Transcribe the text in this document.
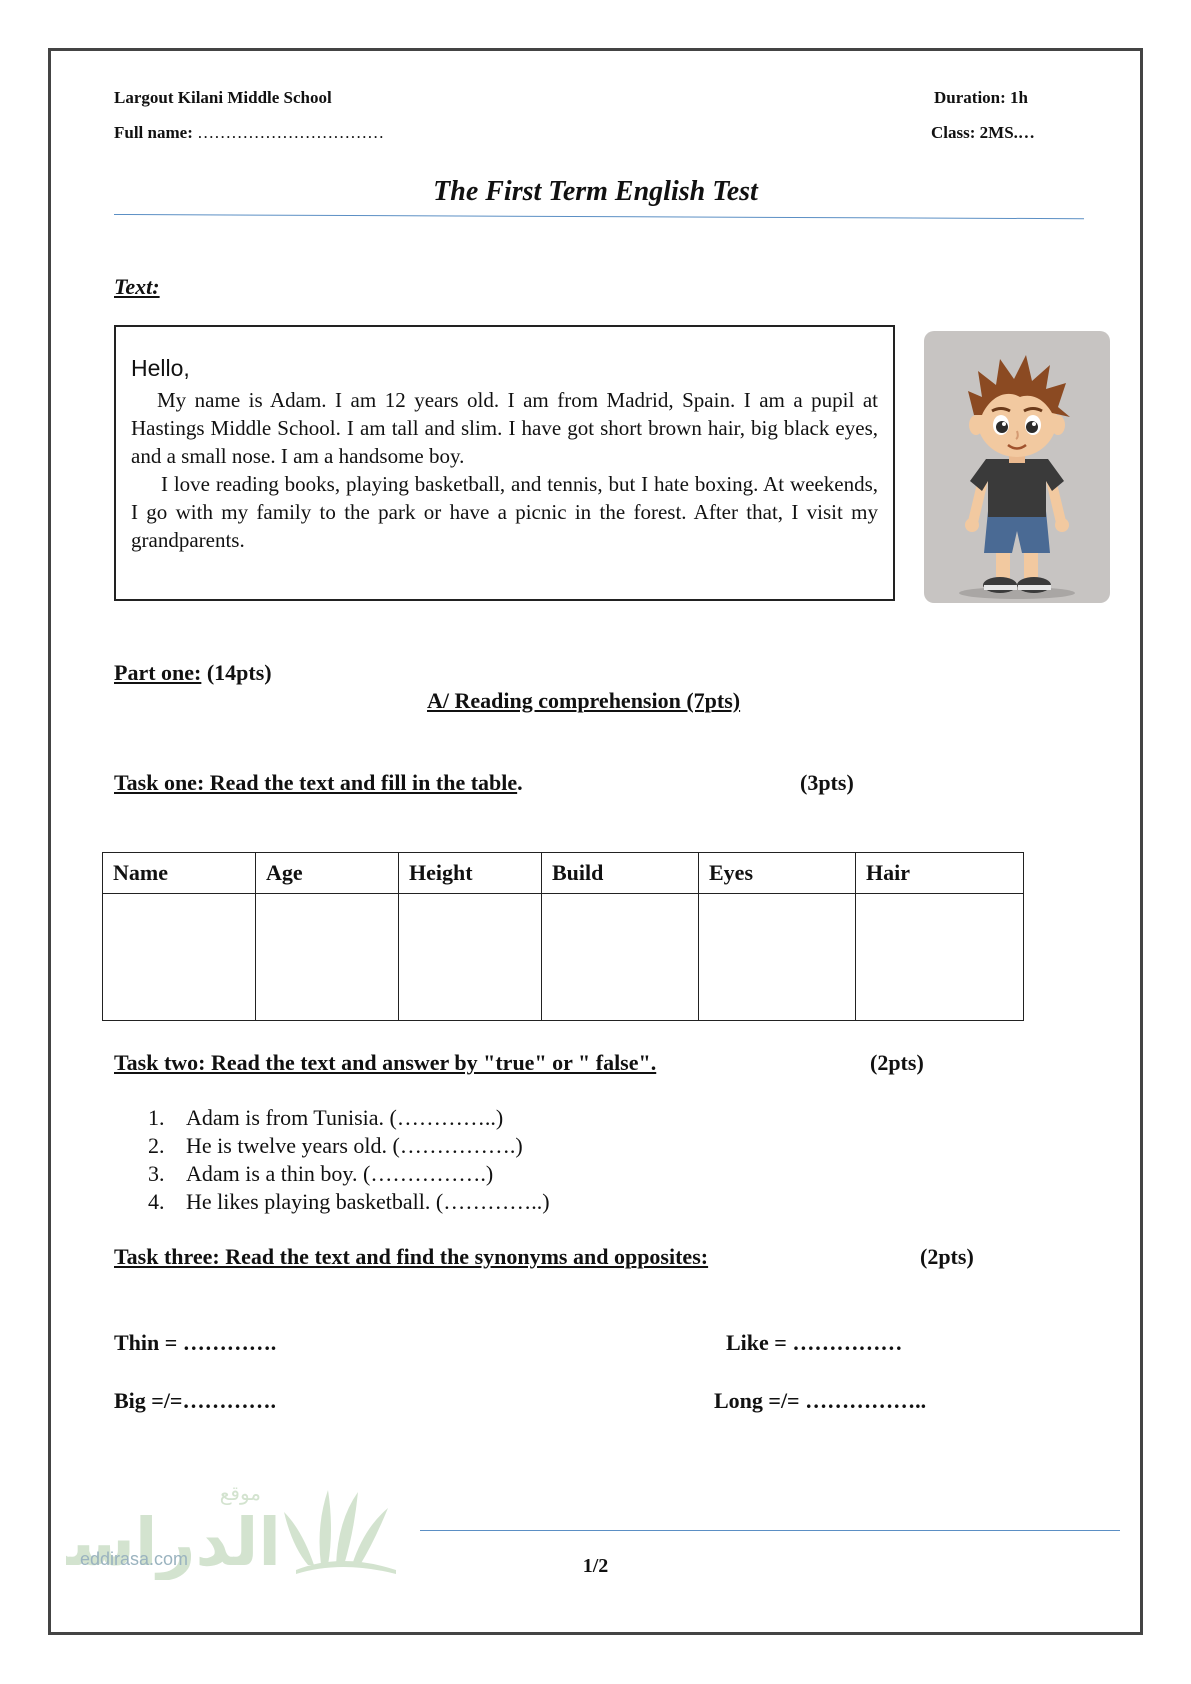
Largout Kilani Middle School	Duration: 1h
Full name: ……………………………	Class: 2MS.…
The First Term English Test
Text:

Hello,

My name is Adam. I am 12 years old. I am from Madrid, Spain. I am a pupil at Hastings Middle School. I am tall and slim. I have got short brown hair, big black eyes, and a small nose. I am a handsome boy.

I love reading books, playing basketball, and tennis, but I hate boxing. At weekends, I go with my family to the park or have a picnic in the forest. After that, I visit my grandparents.

Part one: (14pts)
A/ Reading comprehension (7pts)
Task one: Read the text and fill in the table.	(3pts)
Name	Age	Height	Build	Eyes	Hair

Task two: Read the text and answer by "true" or " false".	(2pts)
1. Adam is from Tunisia. (…………..)
2. He is twelve years old. (…………….)
3. Adam is a thin boy. (…………….)
4. He likes playing basketball. (…………..)
Task three: Read the text and find the synonyms and opposites:	(2pts)
Thin = ………….	Like = ……………
Big =/=………….	Long =/= ……………..
الدراس
موقع
eddirasa.com	1/2
